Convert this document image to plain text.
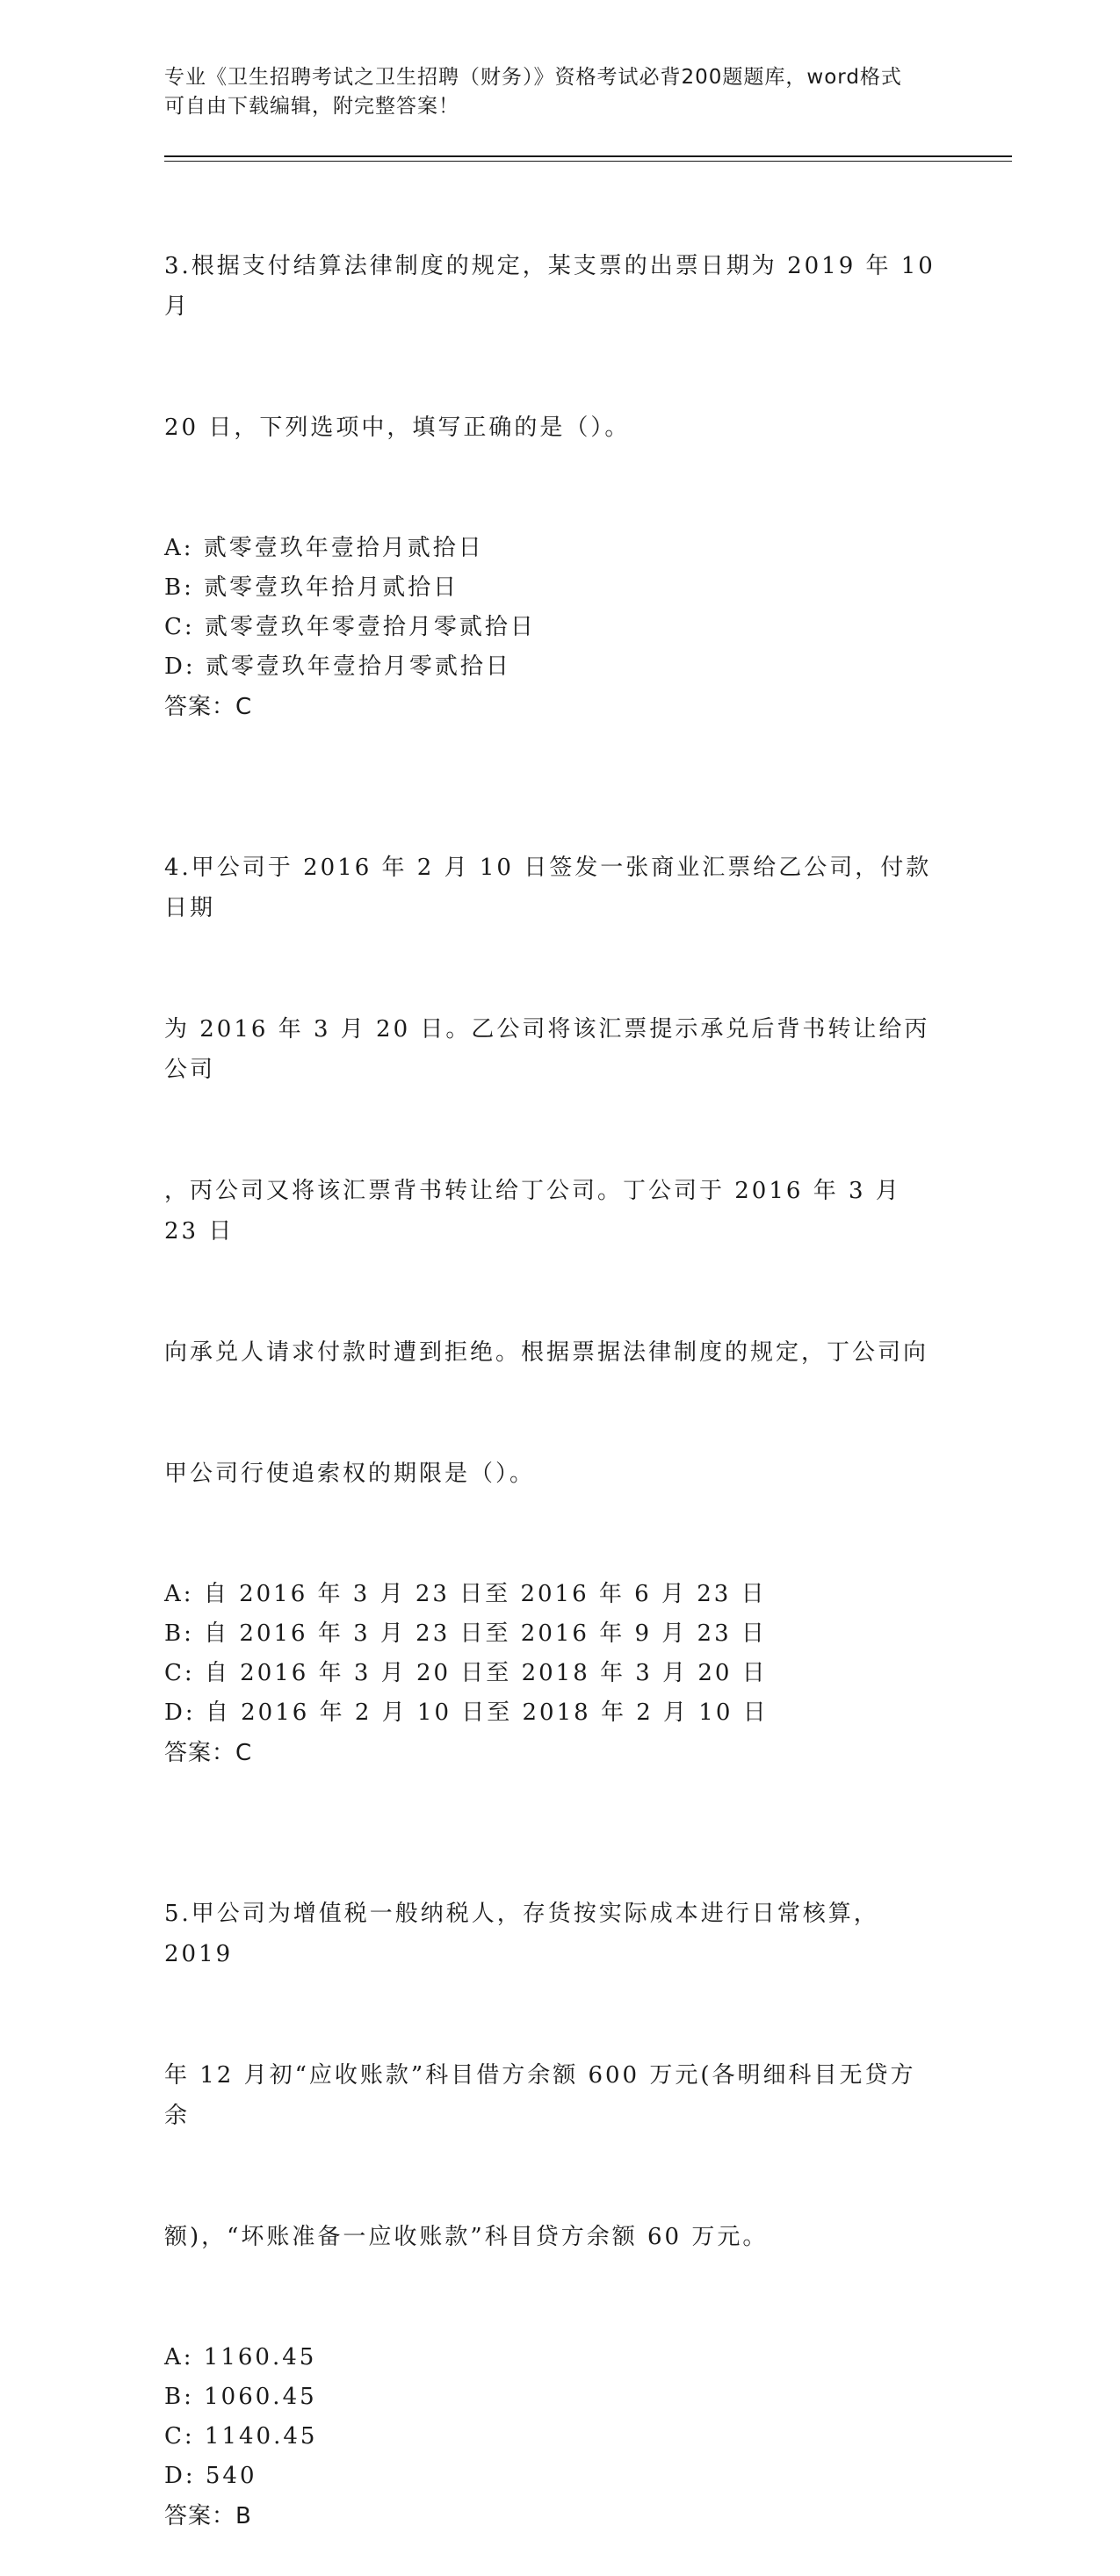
专业《卫生招聘考试之卫生招聘（财务）》资格考试必背200题题库，word格式
可自由下载编辑，附完整答案！

3.根据支付结算法律制度的规定，某支票的出票日期为 2019 年 10 月

20 日，下列选项中，填写正确的是（）。

A: 贰零壹玖年壹拾月贰拾日
B: 贰零壹玖年拾月贰拾日
C: 贰零壹玖年零壹拾月零贰拾日
D: 贰零壹玖年壹拾月零贰拾日
答案：C

4.甲公司于 2016 年 2 月 10 日签发一张商业汇票给乙公司，付款日期

为 2016 年 3 月 20 日。乙公司将该汇票提示承兑后背书转让给丙公司

，丙公司又将该汇票背书转让给丁公司。丁公司于 2016 年 3 月 23 日

向承兑人请求付款时遭到拒绝。根据票据法律制度的规定，丁公司向

甲公司行使追索权的期限是（）。

A: 自 2016 年 3 月 23 日至 2016 年 6 月 23 日
B: 自 2016 年 3 月 23 日至 2016 年 9 月 23 日
C: 自 2016 年 3 月 20 日至 2018 年 3 月 20 日
D: 自 2016 年 2 月 10 日至 2018 年 2 月 10 日
答案：C

5.甲公司为增值税一般纳税人，存货按实际成本进行日常核算，2019

年 12 月初“应收账款”科目借方余额 600 万元(各明细科目无贷方余

额)，“坏账准备一应收账款”科目贷方余额 60 万元。

A: 1160.45
B: 1060.45
C: 1140.45
D: 540
答案：B
